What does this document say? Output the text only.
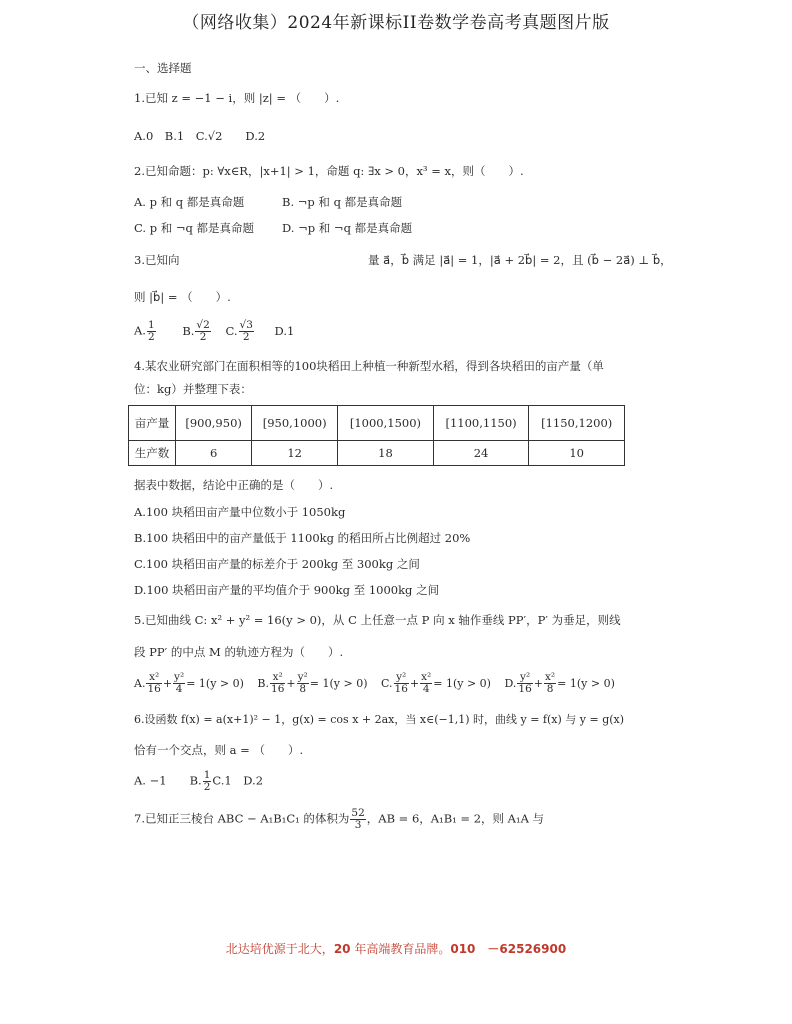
（网络收集）2024年新课标II卷数学卷高考真题图片版
一、选择题
1.已知 z = −1 − i，则 |z| = （　　）.
A.0　B.1　C.√2　　D.2
2.已知命题：p: ∀x∈R，|x+1| > 1，命题 q: ∃x > 0，x³ = x，则（　　）.
A. p 和 q 都是真命题	B. ¬p 和 q 都是真命题
C. p 和 ¬q 都是真命题 D. ¬p 和 ¬q 都是真命题
3.已知向	量 a⃗，b⃗ 满足 |a⃗| = 1，|a⃗ + 2b⃗| = 2，且 (b⃗ − 2a⃗) ⊥ b⃗，
则 |b⃗| = （　　）.
A. $\frac{1}{2} B$. $\frac{√2}{2} C$. $\frac{√3}{2} D.1$
4.某农业研究部门在面积相等的100块稻田上种植一种新型水稻，得到各块稻田的亩产量（单
位：kg）并整理下表：
亩产量	[900,950)	[950,1000)	[1000,1500)	[1100,1150)	[1150,1200)
生产数	6	12	18	24	10
据表中数据，结论中正确的是（　　）.
A.100 块稻田亩产量中位数小于 1050kg
B.100 块稻田中的亩产量低于 1100kg 的稻田所占比例超过 20%
C.100 块稻田亩产量的标差介于 200kg 至 300kg 之间
D.100 块稻田亩产量的平均值介于 900kg 至 1000kg 之间
5.已知曲线 C: x² + y² = 16(y > 0)，从 C 上任意一点 P 向 x 轴作垂线 PP′，P′ 为垂足，则线
段 PP′ 的中点 M 的轨迹方程为（　　）.
A. $\frac{\text{x²}}{16} + \frac{\text{y²}}{4} = 1(y > 0)$ B. $\frac{\text{x²}}{16} + \frac{\text{y²}}{8} = 1(y > 0)$ C. $\frac{\text{y²}}{16} + \frac{\text{x²}}{4} = 1(y > 0)$ D. $\frac{\text{y²}}{16} + \frac{\text{x²}}{8} = 1(y > 0)$
6.设函数 f(x) = a(x+1)² − 1，g(x) = cos x + 2ax，当 x∈(−1,1) 时，曲线 y = f(x) 与 y = g(x)
恰有一个交点，则 a = （　　）.
A. −1　　B. $\frac{1}{2} C.1$　D.2
7.已知正三棱台 ABC − A₁B₁C₁ 的体积为 $\frac{52}{3}$ ，AB = 6，A₁B₁ = 2，则 A₁A 与
北达培优源于北大，20 年高端教育品牌。010　－62526900
